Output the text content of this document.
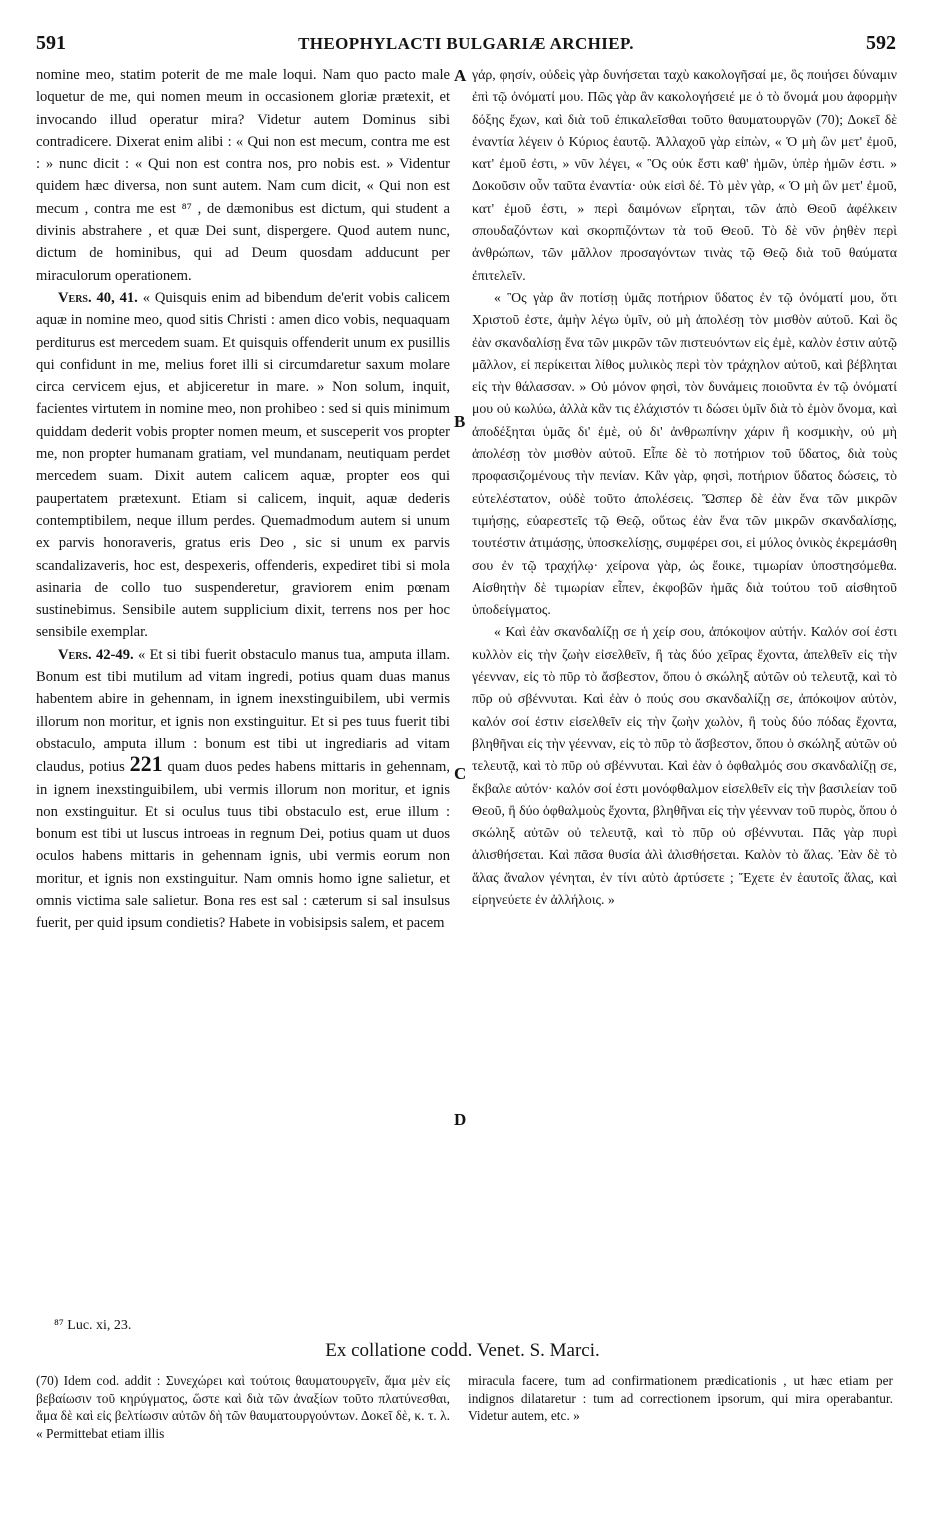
591	THEOPHYLACTI BULGARIÆ ARCHIEP.	592

nomine meo, statim poterit de me male loqui. Nam quo pacto male loquetur de me, qui nomen meum in occasionem gloriæ prætexit, et invocando illud operatur mira? Videtur autem Dominus sibi contradicere. Dixerat enim alibi : « Qui non est mecum, contra me est : » nunc dicit : « Qui non est contra nos, pro nobis est. » Videntur quidem hæc diversa, non sunt autem. Nam cum dicit, « Qui non est mecum , contra me est ⁸⁷ , de dæmonibus est dictum, qui student a divinis abstrahere , et quæ Dei sunt, dispergere. Quod autem nunc, dictum de hominibus, qui ad Deum quosdam adducunt per miraculorum operationem.

Vers. 40, 41. « Quisquis enim ad bibendum de'erit vobis calicem aquæ in nomine meo, quod sitis Christi : amen dico vobis, nequaquam perditurus est mercedem suam. Et quisquis offenderit unum ex pusillis qui confidunt in me, melius foret illi si circumdaretur saxum molare circa cervicem ejus, et abjiceretur in mare. » Non solum, inquit, facientes virtutem in nomine meo, non prohibeo : sed si quis minimum quiddam dederit vobis propter nomen meum, et susceperit vos propter me, non propter humanam gratiam, vel mundanam, neutiquam perdet mercedem suam. Dixit autem calicem aquæ, propter eos qui paupertatem prætexunt. Etiam si calicem, inquit, aquæ dederis contemptibilem, neque illum perdes. Quemadmodum autem si unum ex parvis honoraveris, gratus eris Deo , sic si unum ex parvis scandalizaveris, hoc est, despexeris, offenderis, expediret tibi si mola asinaria de collo tuo suspenderetur, graviorem enim pœnam sustinebimus. Sensibile autem supplicium dixit, terrens nos per hoc sensibile exemplar.

Vers. 42-49. « Et si tibi fuerit obstaculo manus tua, amputa illam. Bonum est tibi mutilum ad vitam ingredi, potius quam duas manus habentem abire in gehennam, in ignem inexstinguibilem, ubi vermis illorum non moritur, et ignis non exstinguitur. Et si pes tuus fuerit tibi obstaculo, amputa illum : bonum est tibi ut ingrediaris ad vitam claudus, potius 221 quam duos pedes habens mittaris in gehennam, in ignem inexstinguibilem, ubi vermis illorum non moritur, et ignis non exstinguitur. Et si oculus tuus tibi obstaculo est, erue illum : bonum est tibi ut luscus introeas in regnum Dei, potius quam ut duos oculos habens mittaris in gehennam ignis, ubi vermis eorum non moritur, et ignis non exstinguitur. Nam omnis homo igne salietur, et omnis victima sale salietur. Bona res est sal : cæterum si sal insulsus fuerit, per quid ipsum condietis? Habete in vobisipsis salem, et pacem

A
B
C
D

γάρ, φησίν, οὐδεὶς γὰρ δυνήσεται ταχὺ κακολογῆσαί με, ὃς ποιήσει δύναμιν ἐπὶ τῷ ὀνόματί μου. Πῶς γὰρ ἂν κακολογήσειέ με ὁ τὸ ὄνομά μου ἀφορμὴν δόξης ἔχων, καὶ διὰ τοῦ ἐπικαλεῖσθαι τοῦτο θαυματουργῶν (70); Δοκεῖ δὲ ἐναντία λέγειν ὁ Κύριος ἑαυτῷ. Ἀλλαχοῦ γὰρ εἰπὼν, « Ὁ μὴ ὢν μετ' ἐμοῦ, κατ' ἐμοῦ ἐστι, » νῦν λέγει, « Ὃς οὐκ ἔστι καθ' ἡμῶν, ὑπὲρ ἡμῶν ἐστι. » Δοκοῦσιν οὖν ταῦτα ἐναντία· οὐκ εἰσὶ δέ. Τὸ μὲν γὰρ, « Ὁ μὴ ὢν μετ' ἐμοῦ, κατ' ἐμοῦ ἐστι, » περὶ δαιμόνων εἴρηται, τῶν ἀπὸ Θεοῦ ἀφέλκειν σπουδαζόντων καὶ σκορπιζόντων τὰ τοῦ Θεοῦ. Τὸ δὲ νῦν ῥηθὲν περὶ ἀνθρώπων, τῶν μᾶλλον προσαγόντων τινὰς τῷ Θεῷ διὰ τοῦ θαύματα ἐπιτελεῖν.

« Ὃς γὰρ ἂν ποτίσῃ ὑμᾶς ποτήριον ὕδατος ἐν τῷ ὀνόματί μου, ὅτι Χριστοῦ ἐστε, ἀμὴν λέγω ὑμῖν, οὐ μὴ ἀπολέσῃ τὸν μισθὸν αὐτοῦ. Καὶ ὃς ἐὰν σκανδαλίσῃ ἕνα τῶν μικρῶν τῶν πιστευόντων εἰς ἐμὲ, καλὸν ἐστιν αὐτῷ μᾶλλον, εἰ περίκειται λίθος μυλικὸς περὶ τὸν τράχηλον αὐτοῦ, καὶ βέβληται εἰς τὴν θάλασσαν. » Οὐ μόνον φησὶ, τὸν δυνάμεις ποιοῦντα ἐν τῷ ὀνόματί μου οὐ κωλύω, ἀλλὰ κἂν τις ἐλάχιστόν τι δώσει ὑμῖν διὰ τὸ ἐμὸν ὄνομα, καὶ ἀποδέξηται ὑμᾶς δι' ἐμὲ, οὐ δι' ἀνθρωπίνην χάριν ἢ κοσμικὴν, οὐ μὴ ἀπολέσῃ τὸν μισθὸν αὐτοῦ. Εἶπε δὲ τὸ ποτήριον τοῦ ὕδατος, διὰ τοὺς προφασιζομένους τὴν πενίαν. Κἂν γὰρ, φησὶ, ποτήριον ὕδατος δώσεις, τὸ εὐτελέστατον, οὐδὲ τοῦτο ἀπολέσεις. Ὥσπερ δὲ ἐὰν ἕνα τῶν μικρῶν τιμήσῃς, εὐαρεστεῖς τῷ Θεῷ, οὕτως ἐὰν ἕνα τῶν μικρῶν σκανδαλίσῃς, τουτέστιν ἀτιμάσῃς, ὑποσκελίσῃς, συμφέρει σοι, εἰ μύλος ὀνικὸς ἐκρεμάσθη σου ἐν τῷ τραχήλῳ· χείρονα γὰρ, ὡς ἔοικε, τιμωρίαν ὑποστησόμεθα. Αἰσθητὴν δὲ τιμωρίαν εἶπεν, ἐκφοβῶν ἡμᾶς διὰ τούτου τοῦ αἰσθητοῦ ὑποδείγματος.

« Καὶ ἐὰν σκανδαλίζῃ σε ἡ χείρ σου, ἀπόκοψον αὐτήν. Καλόν σοί ἐστι κυλλὸν εἰς τὴν ζωὴν εἰσελθεῖν, ἢ τὰς δύο χεῖρας ἔχοντα, ἀπελθεῖν εἰς τὴν γέενναν, εἰς τὸ πῦρ τὸ ἄσβεστον, ὅπου ὁ σκώληξ αὐτῶν οὐ τελευτᾷ, καὶ τὸ πῦρ οὐ σβέννυται. Καὶ ἐὰν ὁ πούς σου σκανδαλίζῃ σε, ἀπόκοψον αὐτὸν, καλόν σοί ἐστιν εἰσελθεῖν εἰς τὴν ζωὴν χωλὸν, ἢ τοὺς δύο πόδας ἔχοντα, βληθῆναι εἰς τὴν γέενναν, εἰς τὸ πῦρ τὸ ἄσβεστον, ὅπου ὁ σκώληξ αὐτῶν οὐ τελευτᾷ, καὶ τὸ πῦρ οὐ σβέννυται. Καὶ ἐὰν ὁ ὀφθαλμός σου σκανδαλίζῃ σε, ἔκβαλε αὐτόν· καλόν σοί ἐστι μονόφθαλμον εἰσελθεῖν εἰς τὴν βασιλείαν τοῦ Θεοῦ, ἢ δύο ὀφθαλμοὺς ἔχοντα, βληθῆναι εἰς τὴν γέενναν τοῦ πυρὸς, ὅπου ὁ σκώληξ αὐτῶν οὐ τελευτᾷ, καὶ τὸ πῦρ οὐ σβέννυται. Πᾶς γὰρ πυρὶ ἁλισθήσεται. Καὶ πᾶσα θυσία ἁλὶ ἁλισθήσεται. Καλὸν τὸ ἅλας. Ἐὰν δὲ τὸ ἅλας ἄναλον γένηται, ἐν τίνι αὐτὸ ἀρτύσετε ; Ἔχετε ἐν ἑαυτοῖς ἅλας, καὶ εἰρηνεύετε ἐν ἀλλήλοις. »

⁸⁷ Luc. xi, 23.
Ex collatione codd. Venet. S. Marci.

(70) Idem cod. addit : Συνεχώρει καὶ τούτοις θαυματουργεῖν, ἅμα μὲν εἰς βεβαίωσιν τοῦ κηρύγματος, ὥστε καὶ διὰ τῶν ἀναξίων τοῦτο πλατύνεσθαι, ἅμα δὲ καὶ εἰς βελτίωσιν αὐτῶν δὴ τῶν θαυματουργούντων. Δοκεῖ δὲ, κ. τ. λ. « Permittebat etiam illis

miracula facere, tum ad confirmationem prædicationis , ut hæc etiam per indignos dilataretur : tum ad correctionem ipsorum, qui mira operabantur. Videtur autem, etc. »
